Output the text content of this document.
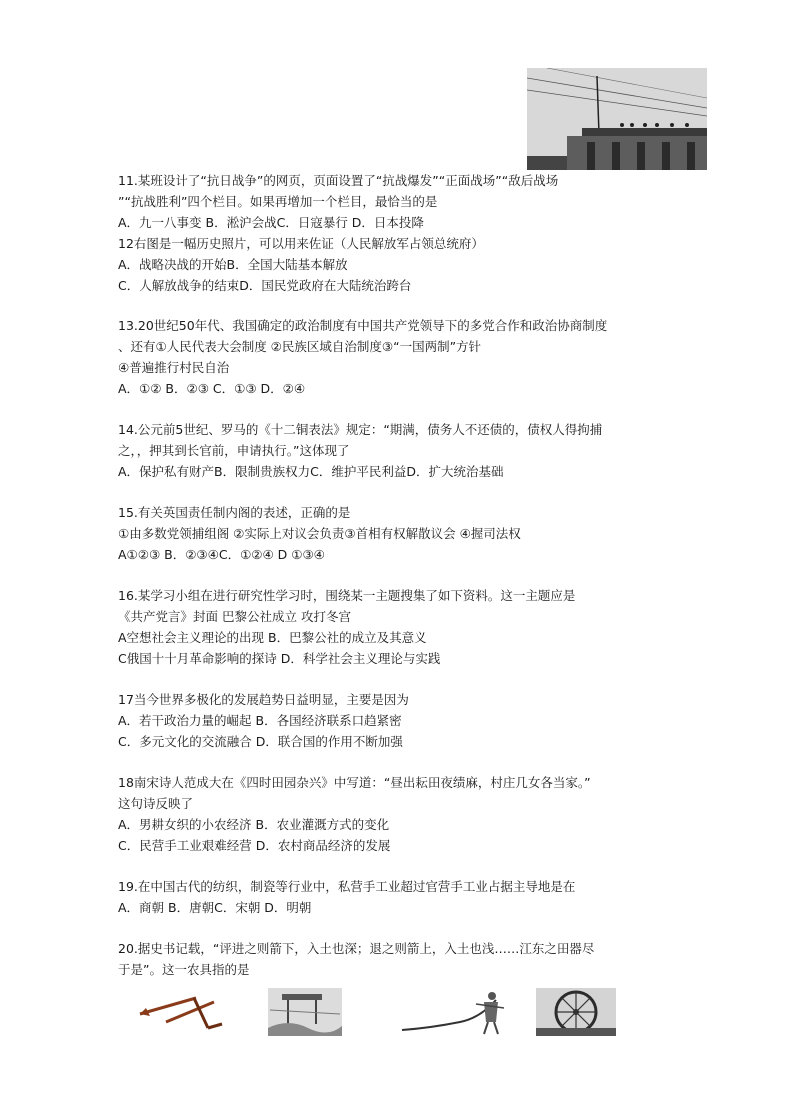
11.某班设计了“抗日战争”的网页，页面设置了“抗战爆发”“正面战场”“敌后战场
”“抗战胜利”四个栏目。如果再增加一个栏目，最恰当的是
A．九一八事变 B．淞沪会战C．日寇暴行 D．日本投降
12右图是一幅历史照片，可以用来佐证（人民解放军占领总统府）
A．战略决战的开始B．全国大陆基本解放
C．人解放战争的结束D．国民党政府在大陆统治跨台
13.20世纪50年代、我国确定的政治制度有中国共产党领导下的多党合作和政治协商制度
、还有①人民代表大会制度 ②民族区域自治制度③“一国两制”方针
④普遍推行村民自治
A．①② B．②③ C．①③ D．②④
14.公元前5世纪、罗马的《十二铜表法》规定：“期满，债务人不还债的，债权人得拘捕
之，，押其到长官前，申请执行。”这体现了
A．保护私有财产B．限制贵族权力C．维护平民利益D．扩大统治基础
15.有关英国责任制内阁的表述，正确的是
①由多数党领捕组阁 ②实际上对议会负责③首相有权解散议会 ④握司法权
A①②③ B．②③④C．①②④ D ①③④
16.某学习小组在进行研究性学习时，围绕某一主题搜集了如下资料。这一主题应是
《共产党言》封面 巴黎公社成立 攻打冬宫
A空想社会主义理论的出现 B．巴黎公社的成立及其意义
C俄国十十月革命影响的探诗 D．科学社会主义理论与实践
17当今世界多极化的发展趋势日益明显，主要是因为
A．若干政治力量的崛起 B．各国经济联系口趋紧密
C．多元文化的交流融合 D．联合国的作用不断加强
18南宋诗人范成大在《四时田园杂兴》中写道：“昼出耘田夜绩麻，村庄几女各当家。”
这句诗反映了
A．男耕女织的小农经济 B．农业灌溉方式的变化
C．民营手工业艰难经营 D．农村商品经济的发展
19.在中国古代的纺织，制瓷等行业中，私营手工业超过官营手工业占据主导地是在
A．商朝 B．唐朝C．宋朝 D．明朝
20.据史书记载，“评进之则箭下，入土也深；退之则箭上，入土也浅……江东之田器尽
于是”。这一农具指的是
